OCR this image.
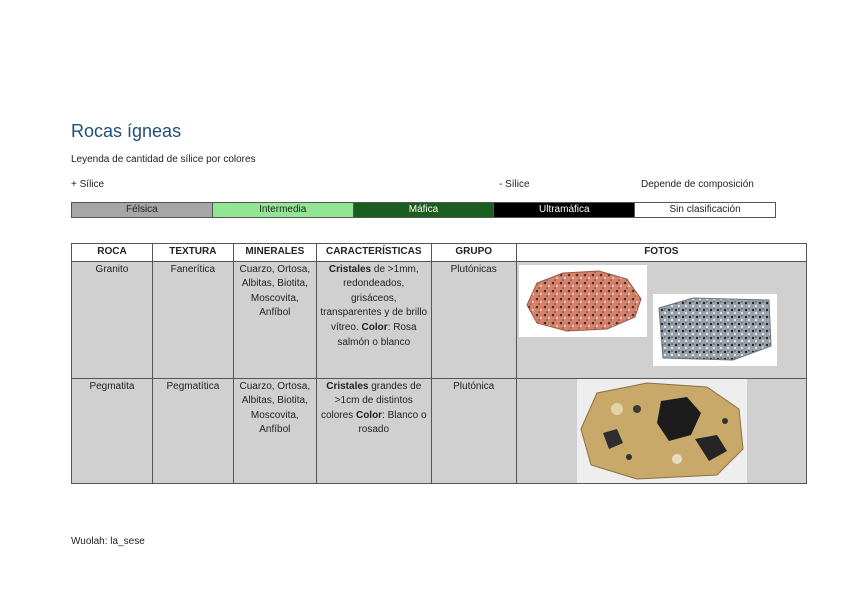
Rocas ígneas
Leyenda de cantidad de sílice por colores
+ Sílice	- Sílice	Depende de composición
Félsica	Intermedia	Máfica	Ultramáfica	Sin clasificación
ROCA	TEXTURA	MINERALES	CARACTERÍSTICAS	GRUPO	FOTOS
Granito	Fanerítica	Cuarzo, Ortosa, Albitas, Biotita, Moscovita, Anfíbol	Cristales de >1mm, redondeados, grisáceos, transparentes y de brillo vítreo. Color: Rosa salmón o blanco	Plutónicas	

Pegmatita	Pegmatítica	Cuarzo, Ortosa, Albitas, Biotita, Moscovita, Anfíbol	Cristales grandes de >1cm de distintos colores Color: Blanco o rosado	Plutónica	
Wuolah: la_sese
